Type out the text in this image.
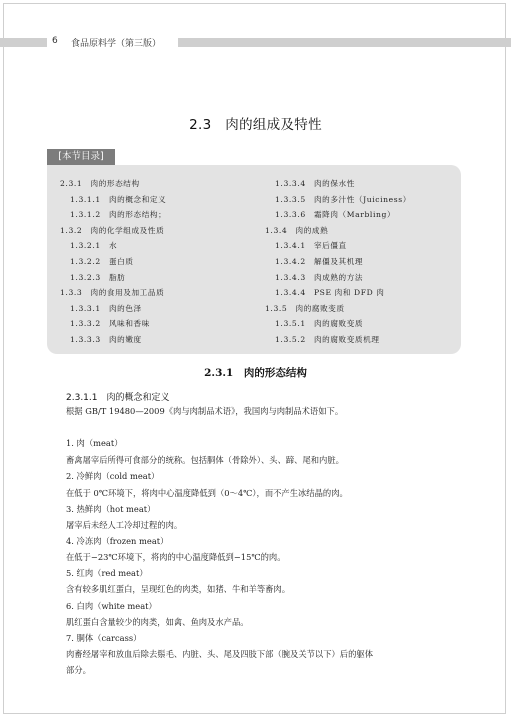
6 食品原料学（第三版）
2.3　肉的组成及特性
[本节目录]
2.3.1　肉的形态结构
1.3.1.1　肉的概念和定义
1.3.1.2　肉的形态结构；
1.3.2　肉的化学组成及性质
1.3.2.1　水
1.3.2.2　蛋白质
1.3.2.3　脂肪
1.3.3　肉的食用及加工品质
1.3.3.1　肉的色泽
1.3.3.2　风味和香味
1.3.3.3　肉的嫩度
1.3.3.4　肉的保水性
1.3.3.5　肉的多汁性（Juiciness）
1.3.3.6　霜降肉（Marbling）
1.3.4　肉的成熟
1.3.4.1　宰后僵直
1.3.4.2　解僵及其机理
1.3.4.3　肉成熟的方法
1.3.4.4　PSE 肉和 DFD 肉
1.3.5　肉的腐败变质
1.3.5.1　肉的腐败变质
1.3.5.2　肉的腐败变质机理
2.3.1　肉的形态结构
2.3.1.1　肉的概念和定义
根据 GB/T 19480—2009《肉与肉制品术语》，我国肉与肉制品术语如下。
1. 肉（meat）
畜禽屠宰后所得可食部分的统称。包括胴体（骨除外）、头、蹄、尾和内脏。
2. 冷鲜肉（cold meat）
在低于 0℃环境下，将肉中心温度降低到（0～4℃），而不产生冰结晶的肉。
3. 热鲜肉（hot meat）
屠宰后未经人工冷却过程的肉。
4. 冷冻肉（frozen meat）
在低于−23℃环境下，将肉的中心温度降低到−15℃的肉。
5. 红肉（red meat）
含有较多肌红蛋白，呈现红色的肉类，如猪、牛和羊等畜肉。
6. 白肉（white meat）
肌红蛋白含量较少的肉类，如禽、鱼肉及水产品。
7. 胴体（carcass）
肉畜经屠宰和放血后除去鬃毛、内脏、头、尾及四肢下部（腕及关节以下）后的躯体
部分。
